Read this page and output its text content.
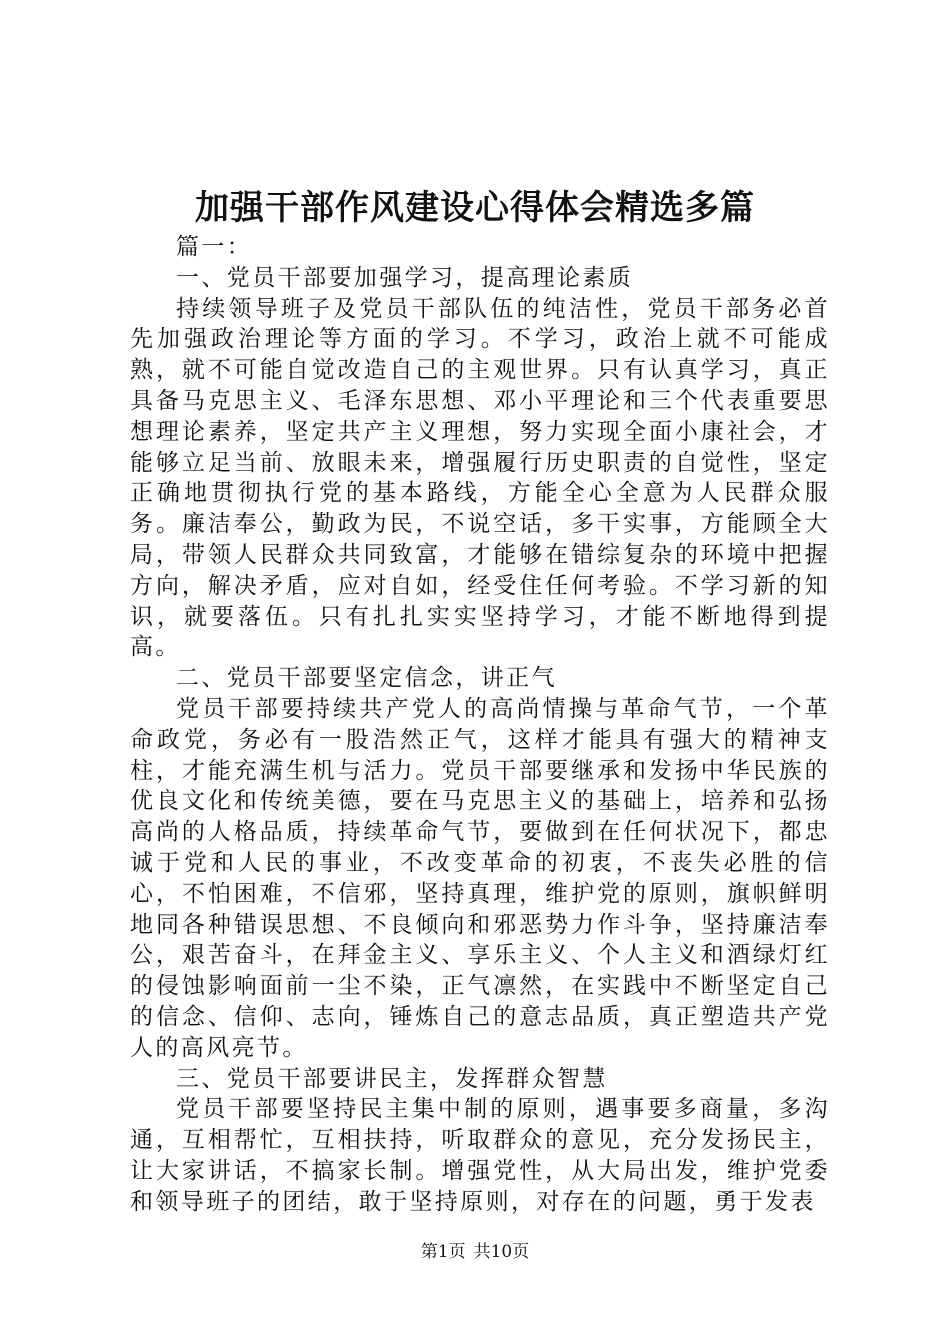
加强干部作风建设心得体会精选多篇

篇一：

一、党员干部要加强学习，提高理论素质

持续领导班子及党员干部队伍的纯洁性，党员干部务必首先加强政治理论等方面的学习。不学习，政治上就不可能成熟，就不可能自觉改造自己的主观世界。只有认真学习，真正具备马克思主义、毛泽东思想、邓小平理论和三个代表重要思想理论素养，坚定共产主义理想，努力实现全面小康社会，才能够立足当前、放眼未来，增强履行历史职责的自觉性，坚定正确地贯彻执行党的基本路线，方能全心全意为人民群众服务。廉洁奉公，勤政为民，不说空话，多干实事，方能顾全大局，带领人民群众共同致富，才能够在错综复杂的环境中把握方向，解决矛盾，应对自如，经受住任何考验。不学习新的知识，就要落伍。只有扎扎实实坚持学习，才能不断地得到提高。

二、党员干部要坚定信念，讲正气

党员干部要持续共产党人的高尚情操与革命气节，一个革命政党，务必有一股浩然正气，这样才能具有强大的精神支柱，才能充满生机与活力。党员干部要继承和发扬中华民族的优良文化和传统美德，要在马克思主义的基础上，培养和弘扬高尚的人格品质，持续革命气节，要做到在任何状况下，都忠诚于党和人民的事业，不改变革命的初衷，不丧失必胜的信心，不怕困难，不信邪，坚持真理，维护党的原则，旗帜鲜明地同各种错误思想、不良倾向和邪恶势力作斗争，坚持廉洁奉公，艰苦奋斗，在拜金主义、享乐主义、个人主义和酒绿灯红的侵蚀影响面前一尘不染，正气凛然，在实践中不断坚定自己的信念、信仰、志向，锤炼自己的意志品质，真正塑造共产党人的高风亮节。

三、党员干部要讲民主，发挥群众智慧

党员干部要坚持民主集中制的原则，遇事要多商量，多沟通，互相帮忙，互相扶持，听取群众的意见，充分发扬民主，让大家讲话，不搞家长制。增强党性，从大局出发，维护党委和领导班子的团结，敢于坚持原则，对存在的问题，勇于发表

第1页 共10页
